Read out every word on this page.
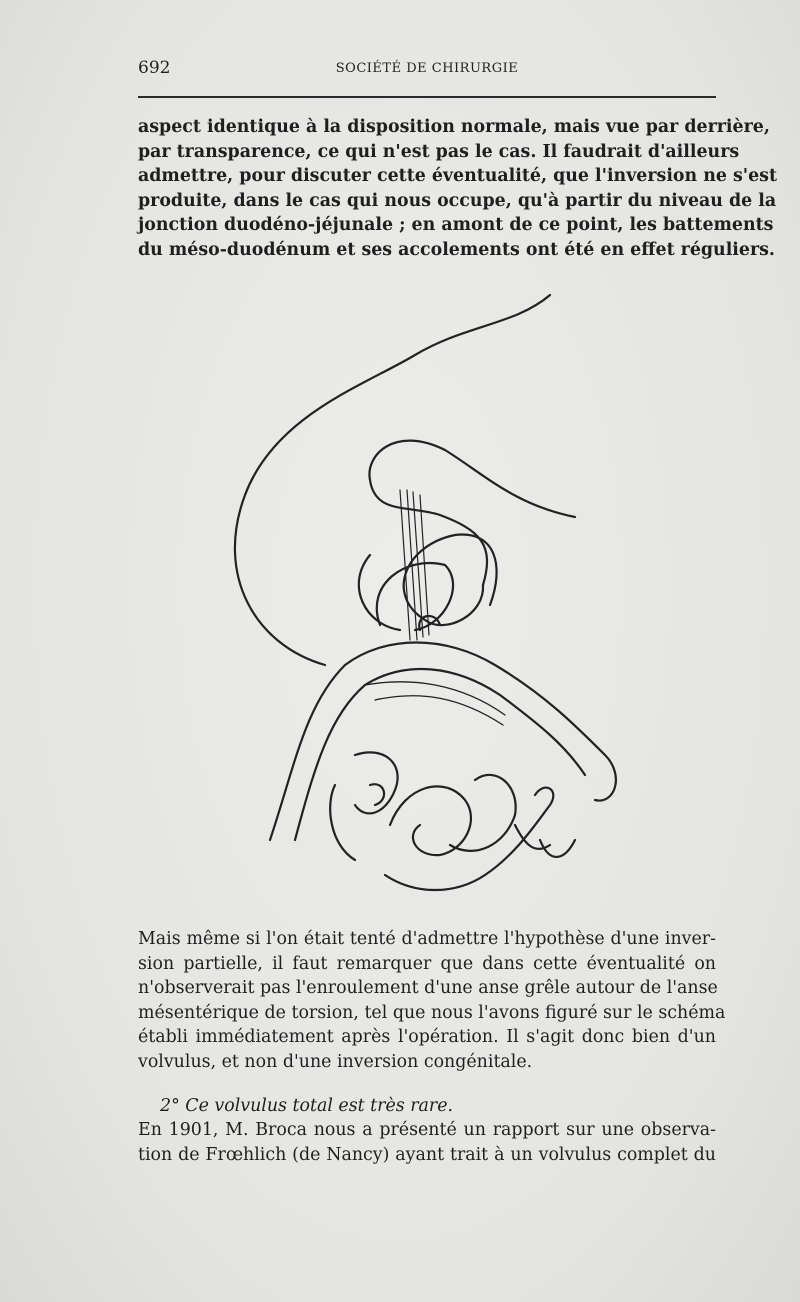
692	SOCIÉTÉ DE CHIRURGIE
aspect identique à la disposition normale, mais vue par derrière,
par transparence, ce qui n'est pas le cas. Il faudrait d'ailleurs
admettre, pour discuter cette éventualité, que l'inversion ne s'est
produite, dans le cas qui nous occupe, qu'à partir du niveau de la
jonction duodéno-jéjunale ; en amont de ce point, les battements
du méso-duodénum et ses accolements ont été en effet réguliers.
Mais même si l'on était tenté d'admettre l'hypothèse d'une inver-
sion partielle, il faut remarquer que dans cette éventualité on
n'observerait pas l'enroulement d'une anse grêle autour de l'anse
mésentérique de torsion, tel que nous l'avons figuré sur le schéma
établi immédiatement après l'opération. Il s'agit donc bien d'un
volvulus, et non d'une inversion congénitale.
2° Ce volvulus total est très rare.
En 1901, M. Broca nous a présenté un rapport sur une observa-
tion de Frœhlich (de Nancy) ayant trait à un volvulus complet du
